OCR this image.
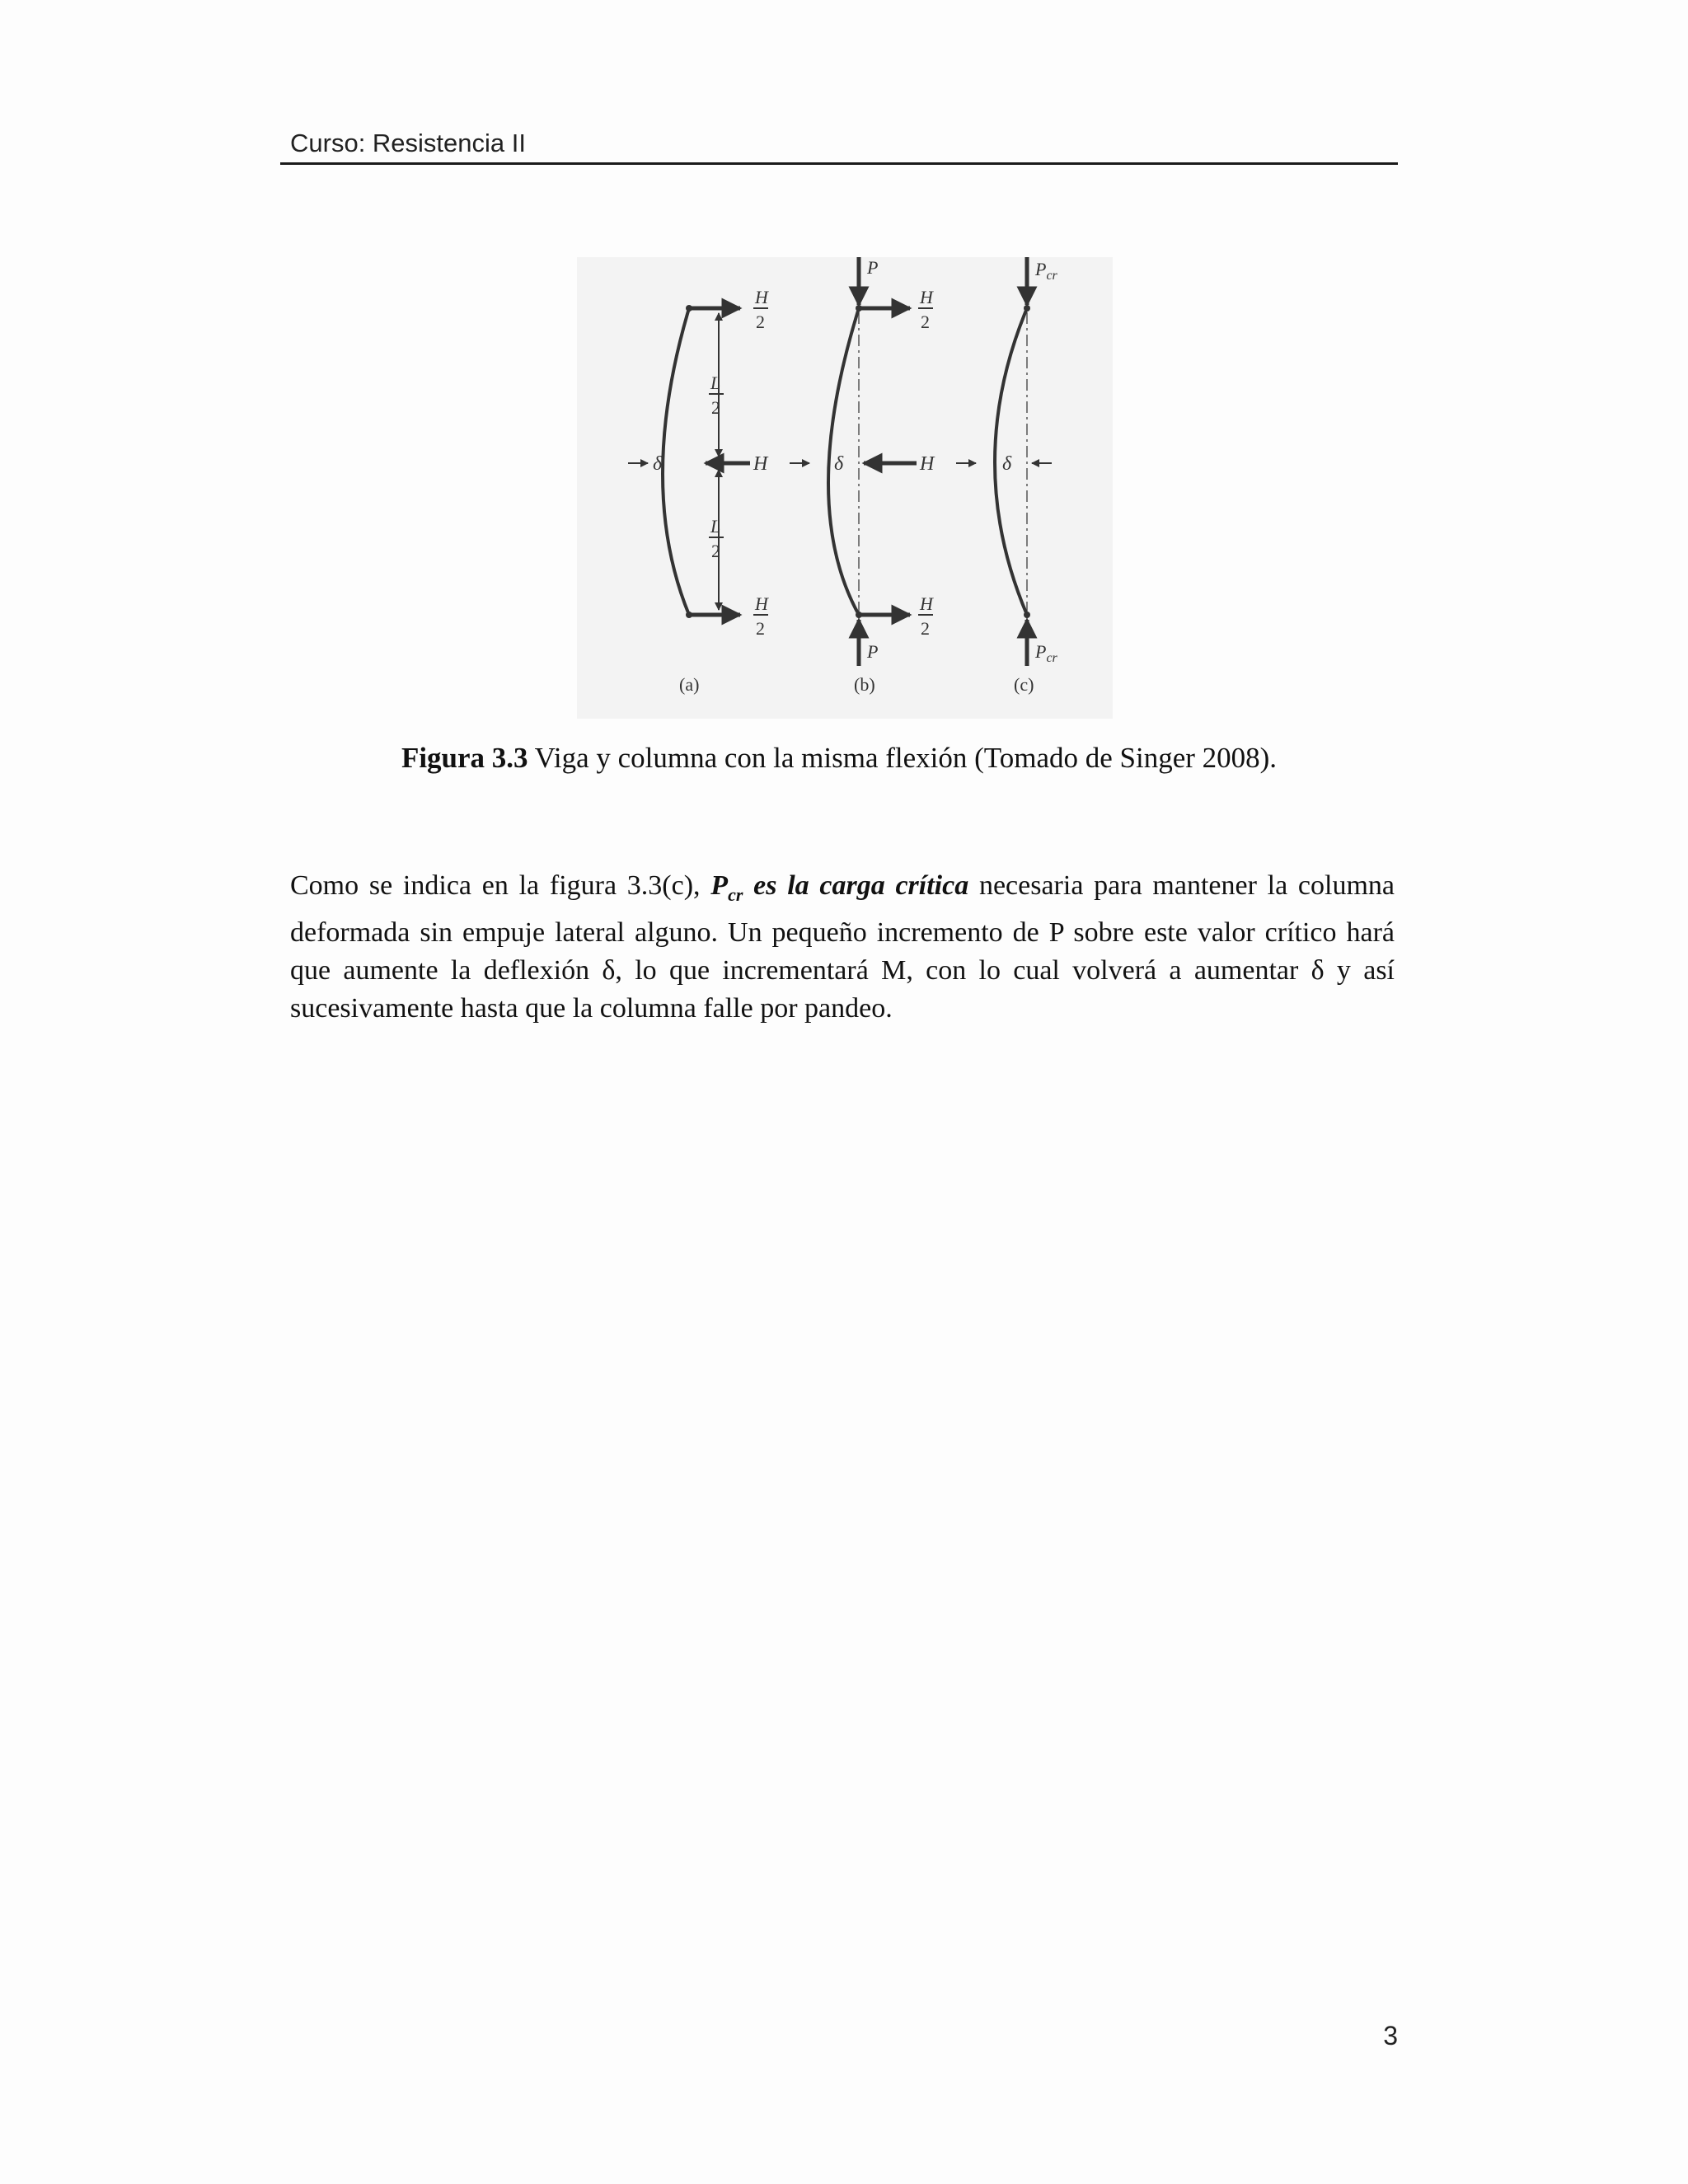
Curso: Resistencia II
H
2
L
2
L
2
δ	H
H
2
(a)
P
P
H
2
H
2
δ	H
(b)
$P_{cr}$
$P_{cr}$
δ
(c)
Figura 3.3 Viga y columna con la misma flexión (Tomado de Singer 2008).
Como se indica en la figura 3.3(c), $P_{cr}$ es la carga crítica necesaria para mantener la columna deformada sin empuje lateral alguno. Un pequeño incremento de P sobre este valor crítico hará que aumente la deflexión δ, lo que incrementará M, con lo cual volverá a aumentar δ y así sucesivamente hasta que la columna falle por pandeo.
3
